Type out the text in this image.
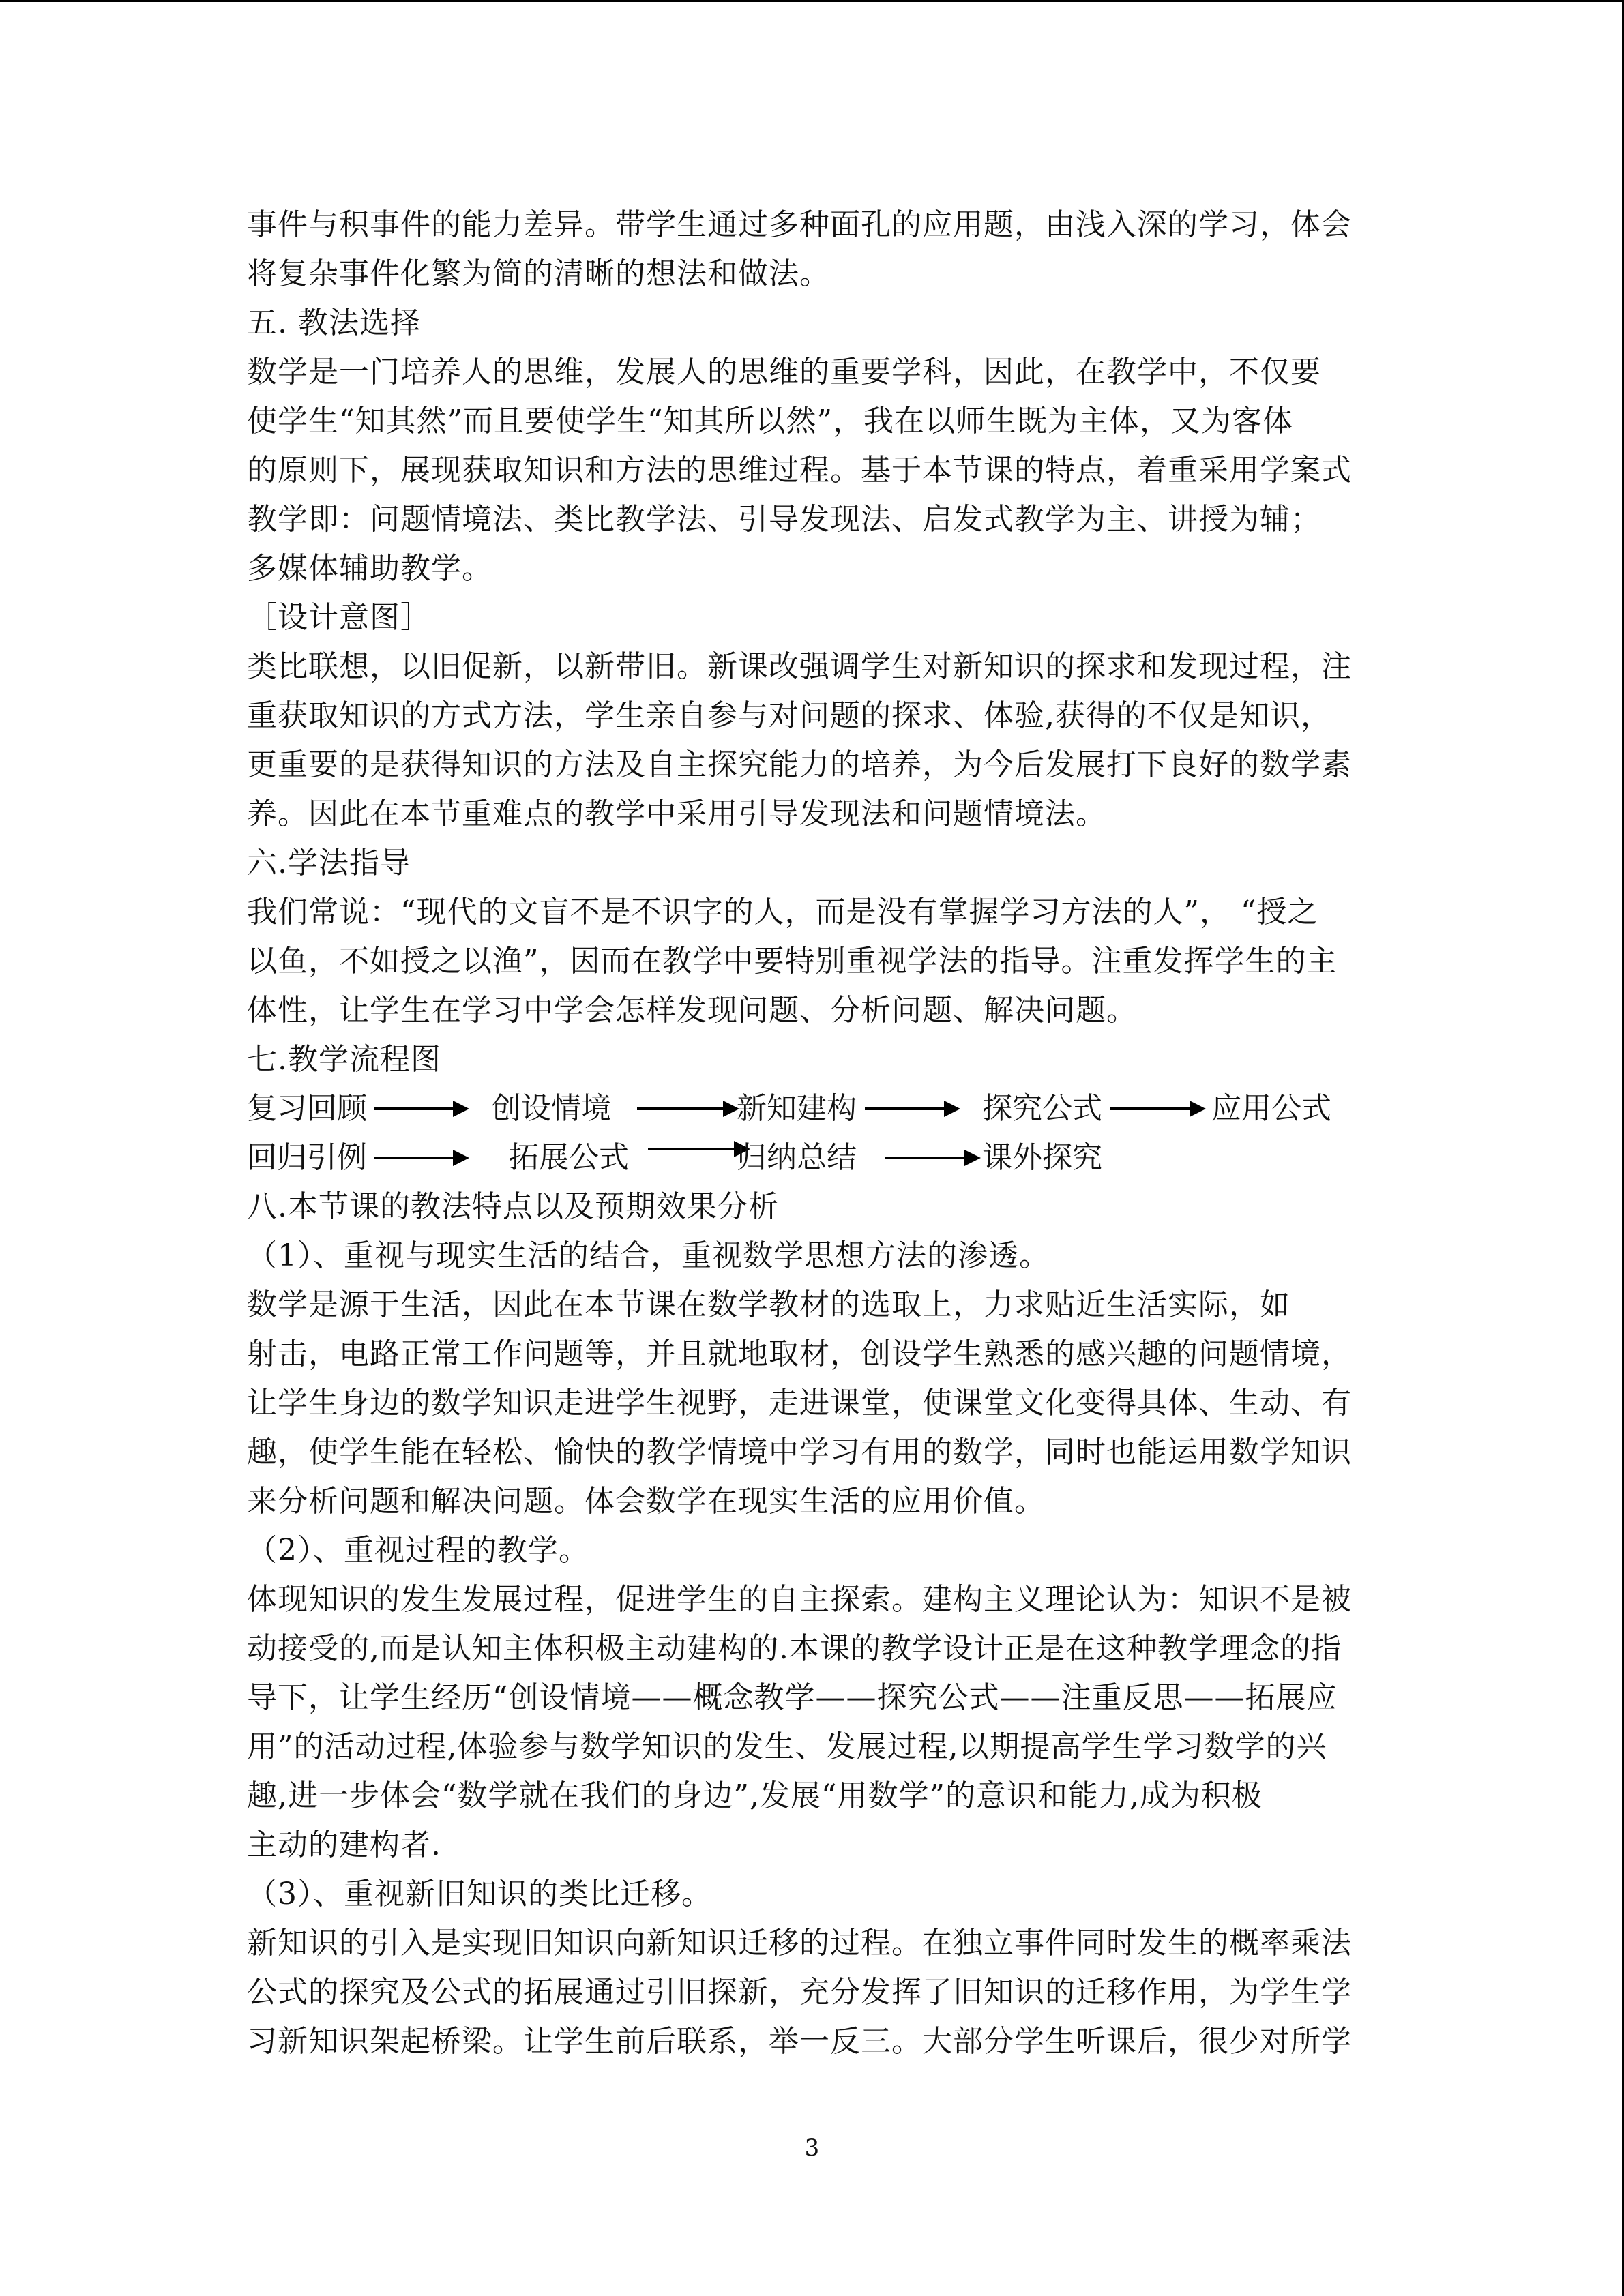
事件与积事件的能力差异。带学生通过多种面孔的应用题，由浅入深的学习，体会
将复杂事件化繁为简的清晰的想法和做法。
五. 教法选择
数学是一门培养人的思维，发展人的思维的重要学科，因此，在教学中，不仅要
使学生“知其然”而且要使学生“知其所以然”，我在以师生既为主体，又为客体
的原则下，展现获取知识和方法的思维过程。基于本节课的特点，着重采用学案式
教学即：问题情境法、类比教学法、引导发现法、启发式教学为主、讲授为辅；
多媒体辅助教学。
［设计意图］
类比联想，以旧促新，以新带旧。新课改强调学生对新知识的探求和发现过程，注
重获取知识的方式方法，学生亲自参与对问题的探求、体验,获得的不仅是知识，
更重要的是获得知识的方法及自主探究能力的培养，为今后发展打下良好的数学素
养。因此在本节重难点的教学中采用引导发现法和问题情境法。
六.学法指导
我们常说：“现代的文盲不是不识字的人，而是没有掌握学习方法的人”， “授之
以鱼，不如授之以渔”，因而在教学中要特别重视学法的指导。注重发挥学生的主
体性，让学生在学习中学会怎样发现问题、分析问题、解决问题。
七.教学流程图
复习回顾	创设情境	新知建构	探究公式	应用公式
回归引例	拓展公式	归纳总结	课外探究
八.本节课的教法特点以及预期效果分析
（1）、重视与现实生活的结合，重视数学思想方法的渗透。
数学是源于生活，因此在本节课在数学教材的选取上，力求贴近生活实际，如
射击，电路正常工作问题等，并且就地取材，创设学生熟悉的感兴趣的问题情境，
让学生身边的数学知识走进学生视野，走进课堂，使课堂文化变得具体、生动、有
趣，使学生能在轻松、愉快的教学情境中学习有用的数学，同时也能运用数学知识
来分析问题和解决问题。体会数学在现实生活的应用价值。
（2）、重视过程的教学。
体现知识的发生发展过程，促进学生的自主探索。建构主义理论认为：知识不是被
动接受的,而是认知主体积极主动建构的.本课的教学设计正是在这种教学理念的指
导下，让学生经历“创设情境——概念教学——探究公式——注重反思——拓展应
用”的活动过程,体验参与数学知识的发生、发展过程,以期提高学生学习数学的兴
趣,进一步体会“数学就在我们的身边”,发展“用数学”的意识和能力,成为积极
主动的建构者.
（3）、重视新旧知识的类比迁移。
新知识的引入是实现旧知识向新知识迁移的过程。在独立事件同时发生的概率乘法
公式的探究及公式的拓展通过引旧探新，充分发挥了旧知识的迁移作用，为学生学
习新知识架起桥梁。让学生前后联系，举一反三。大部分学生听课后，很少对所学
3
